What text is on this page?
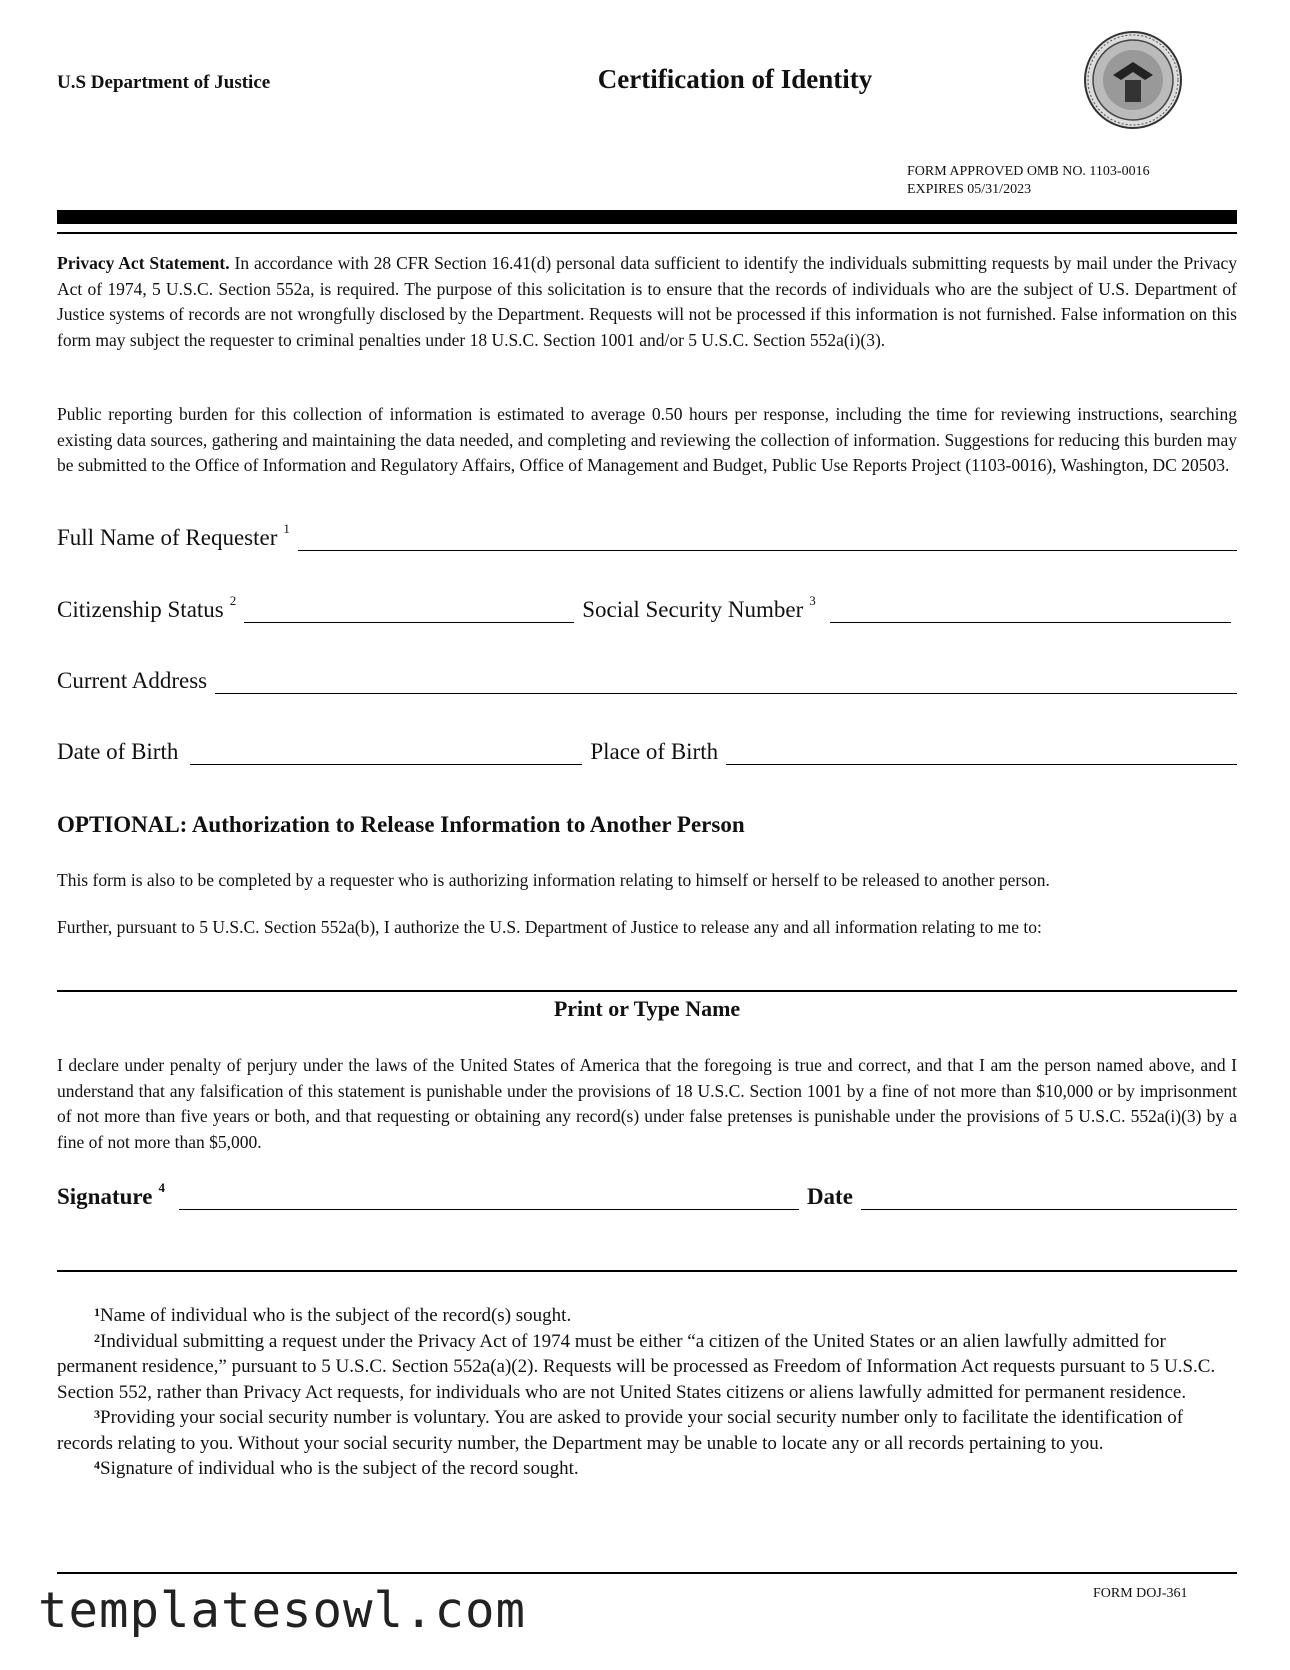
U.S Department of Justice	Certification of Identity
FORM APPROVED OMB NO. 1103-0016
EXPIRES 05/31/2023
Privacy Act Statement. In accordance with 28 CFR Section 16.41(d) personal data sufficient to identify the individuals submitting requests by mail under the Privacy Act of 1974, 5 U.S.C. Section 552a, is required. The purpose of this solicitation is to ensure that the records of individuals who are the subject of U.S. Department of Justice systems of records are not wrongfully disclosed by the Department. Requests will not be processed if this information is not furnished. False information on this form may subject the requester to criminal penalties under 18 U.S.C. Section 1001 and/or 5 U.S.C. Section 552a(i)(3).
Public reporting burden for this collection of information is estimated to average 0.50 hours per response, including the time for reviewing instructions, searching existing data sources, gathering and maintaining the data needed, and completing and reviewing the collection of information. Suggestions for reducing this burden may be submitted to the Office of Information and Regulatory Affairs, Office of Management and Budget, Public Use Reports Project (1103-0016), Washington, DC 20503.
Full Name of Requester $^1$
Citizenship Status $^2$	Social Security Number $^3$
Current Address
Date of Birth	Place of Birth
OPTIONAL: Authorization to Release Information to Another Person
This form is also to be completed by a requester who is authorizing information relating to himself or herself to be released to another person.
Further, pursuant to 5 U.S.C. Section 552a(b), I authorize the U.S. Department of Justice to release any and all information relating to me to:
Print or Type Name
I declare under penalty of perjury under the laws of the United States of America that the foregoing is true and correct, and that I am the person named above, and I understand that any falsification of this statement is punishable under the provisions of 18 U.S.C. Section 1001 by a fine of not more than $10,000 or by imprisonment of not more than five years or both, and that requesting or obtaining any record(s) under false pretenses is punishable under the provisions of 5 U.S.C. 552a(i)(3) by a fine of not more than $5,000.
Signature $^4$	Date
$^1$Name of individual who is the subject of the record(s) sought.
$^2$Individual submitting a request under the Privacy Act of 1974 must be either “a citizen of the United States or an alien lawfully admitted for permanent residence,” pursuant to 5 U.S.C. Section 552a(a)(2). Requests will be processed as Freedom of Information Act requests pursuant to 5 U.S.C. Section 552, rather than Privacy Act requests, for individuals who are not United States citizens or aliens lawfully admitted for permanent residence.
$^3$Providing your social security number is voluntary. You are asked to provide your social security number only to facilitate the identification of records relating to you. Without your social security number, the Department may be unable to locate any or all records pertaining to you.
$^4$Signature of individual who is the subject of the record sought.
FORM DOJ-361
templatesowl.com
